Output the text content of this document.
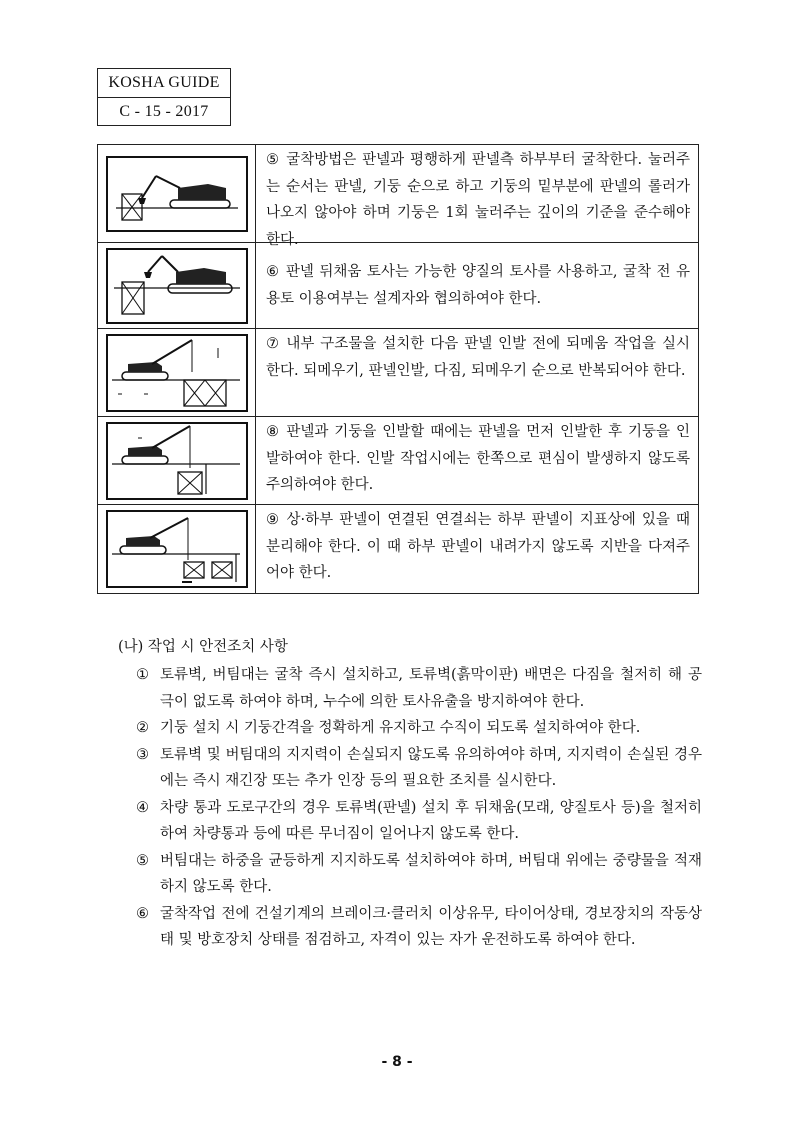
KOSHA GUIDE
C - 15 - 2017
⑤ 굴착방법은 판넬과 평행하게 판넬측 하부부터 굴착한다. 눌러주는 순서는 판넬, 기둥 순으로 하고 기둥의 밑부분에 판넬의 롤러가 나오지 않아야 하며 기둥은 1회 눌러주는 깊이의 기준을 준수해야 한다.
⑥ 판넬 뒤채움 토사는 가능한 양질의 토사를 사용하고, 굴착 전 유용토 이용여부는 설계자와 협의하여야 한다.
⑦ 내부 구조물을 설치한 다음 판넬 인발 전에 되메움 작업을 실시한다. 되메우기, 판넬인발, 다짐, 되메우기 순으로 반복되어야 한다.
⑧ 판넬과 기둥을 인발할 때에는 판넬을 먼저 인발한 후 기둥을 인발하여야 한다. 인발 작업시에는 한쪽으로 편심이 발생하지 않도록 주의하여야 한다.
⑨ 상·하부 판넬이 연결된 연결쇠는 하부 판넬이 지표상에 있을 때 분리해야 한다. 이 때 하부 판넬이 내려가지 않도록 지반을 다져주어야 한다.
(나) 작업 시 안전조치 사항
① 토류벽, 버팀대는 굴착 즉시 설치하고, 토류벽(흙막이판) 배면은 다짐을 철저히 해 공극이 없도록 하여야 하며, 누수에 의한 토사유출을 방지하여야 한다.
② 기둥 설치 시 기둥간격을 정확하게 유지하고 수직이 되도록 설치하여야 한다.
③ 토류벽 및 버팀대의 지지력이 손실되지 않도록 유의하여야 하며, 지지력이 손실된 경우에는 즉시 재긴장 또는 추가 인장 등의 필요한 조치를 실시한다.
④ 차량 통과 도로구간의 경우 토류벽(판넬) 설치 후 뒤채움(모래, 양질토사 등)을 철저히 하여 차량통과 등에 따른 무너짐이 일어나지 않도록 한다.
⑤ 버팀대는 하중을 균등하게 지지하도록 설치하여야 하며, 버팀대 위에는 중량물을 적재하지 않도록 한다.
⑥ 굴착작업 전에 건설기계의 브레이크·클러치 이상유무, 타이어상태, 경보장치의 작동상태 및 방호장치 상태를 점검하고, 자격이 있는 자가 운전하도록 하여야 한다.
- 8 -
